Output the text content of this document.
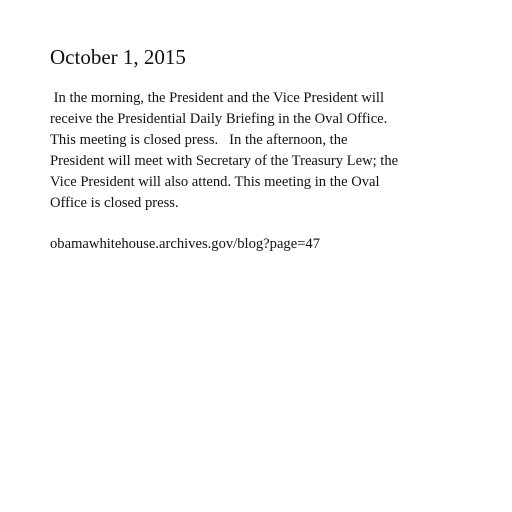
October 1, 2015

In the morning, the President and the Vice President will
receive the Presidential Daily Briefing in the Oval Office.
This meeting is closed press.   In the afternoon, the
President will meet with Secretary of the Treasury Lew; the
Vice President will also attend. This meeting in the Oval
Office is closed press.

obamawhitehouse.archives.gov/blog?page=47
